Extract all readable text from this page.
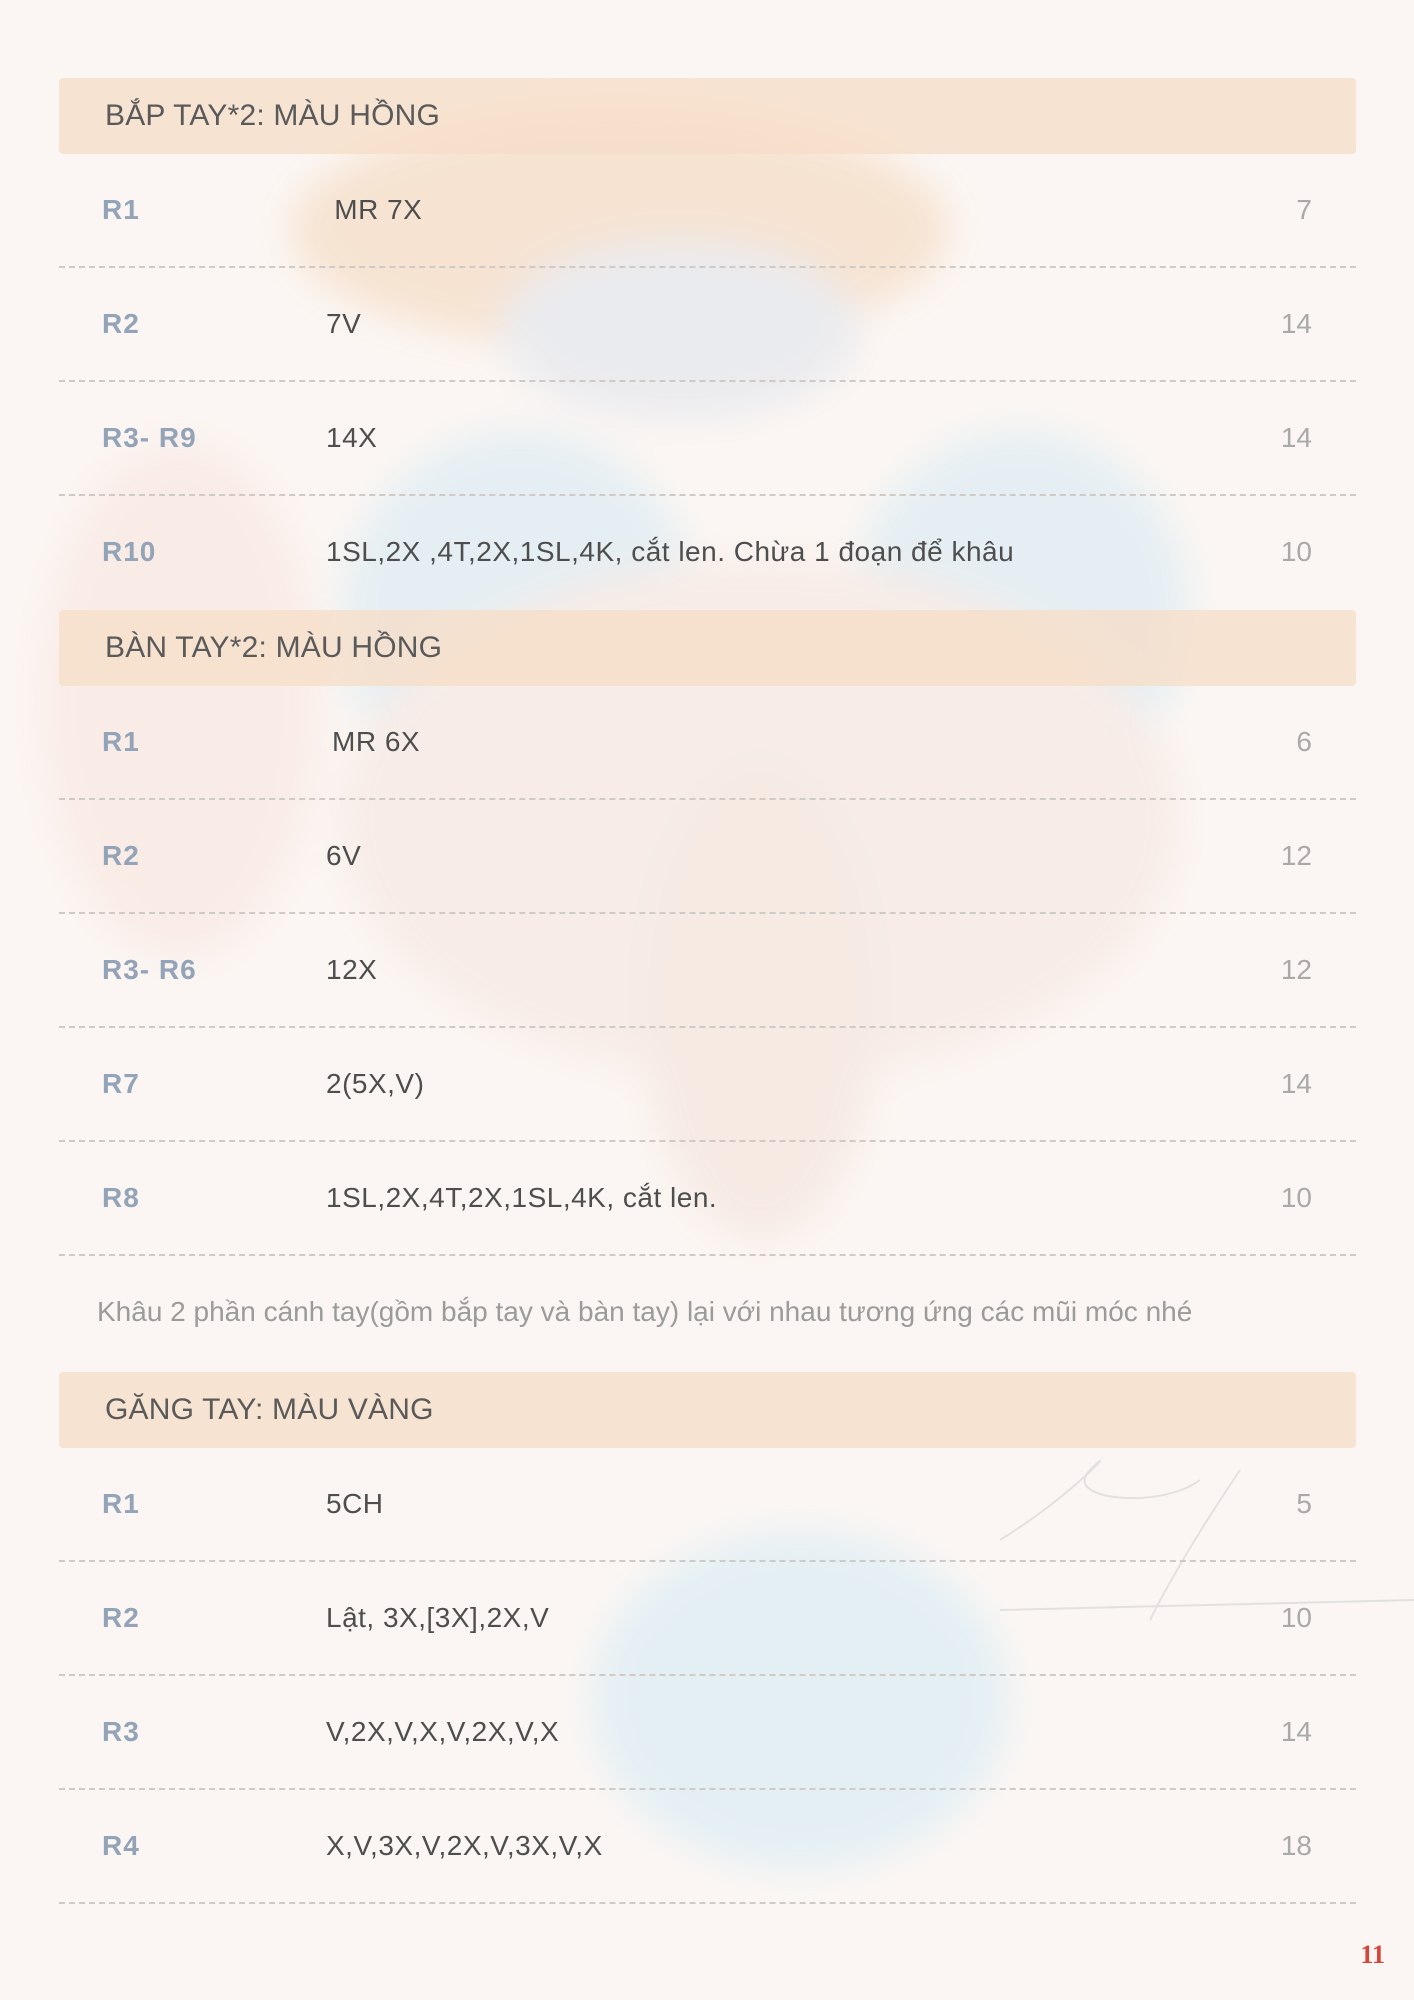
BẮP TAY*2: MÀU HỒNG
R1	MR 7X	7
R2	7V	14
R3- R9	14X	14
R10	1SL,2X ,4T,2X,1SL,4K, cắt len. Chừa 1 đoạn để khâu	10
BÀN TAY*2: MÀU HỒNG
R1	MR 6X	6
R2	6V	12
R3- R6	12X	12
R7	2(5X,V)	14
R8	1SL,2X,4T,2X,1SL,4K, cắt len.	10
Khâu 2 phần cánh tay(gồm bắp tay và bàn tay) lại với nhau tương ứng các mũi móc nhé
GĂNG TAY: MÀU VÀNG
R1	5CH	5
R2	Lật, 3X,[3X],2X,V	10
R3	V,2X,V,X,V,2X,V,X	14
R4	X,V,3X,V,2X,V,3X,V,X	18
11
